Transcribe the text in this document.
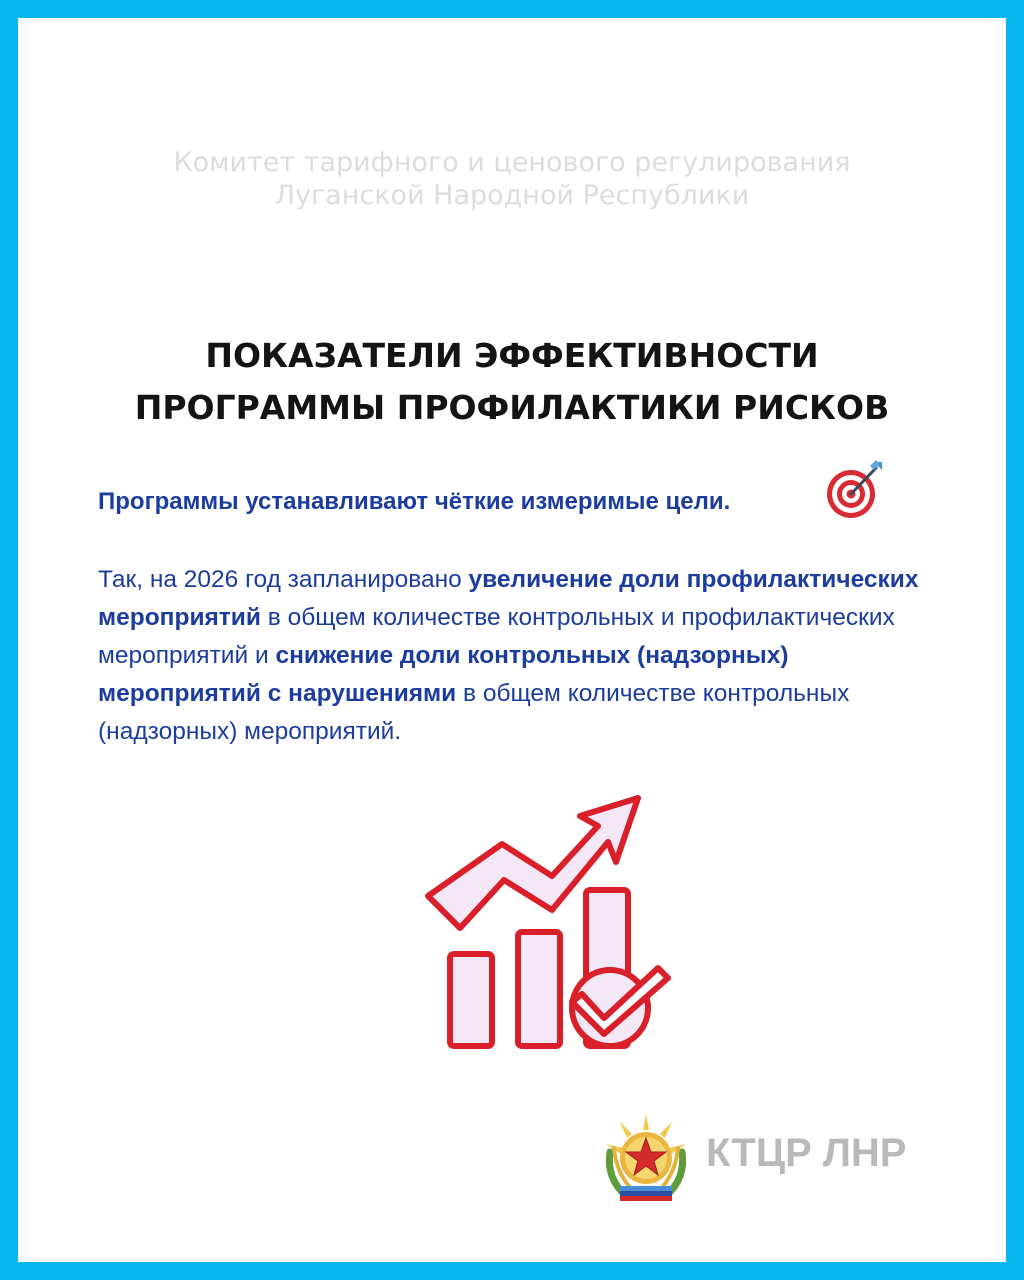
Комитет тарифного и ценового регулирования
Луганской Народной Республики
ПОКАЗАТЕЛИ ЭФФЕКТИВНОСТИ
ПРОГРАММЫ ПРОФИЛАКТИКИ РИСКОВ
Программы устанавливают чёткие измеримые цели.
Так, на 2026 год запланировано увеличение доли профилактических мероприятий в общем количестве контрольных и профилактических мероприятий и снижение доли контрольных (надзорных) мероприятий с нарушениями в общем количестве контрольных (надзорных) мероприятий.
КТЦР ЛНР
